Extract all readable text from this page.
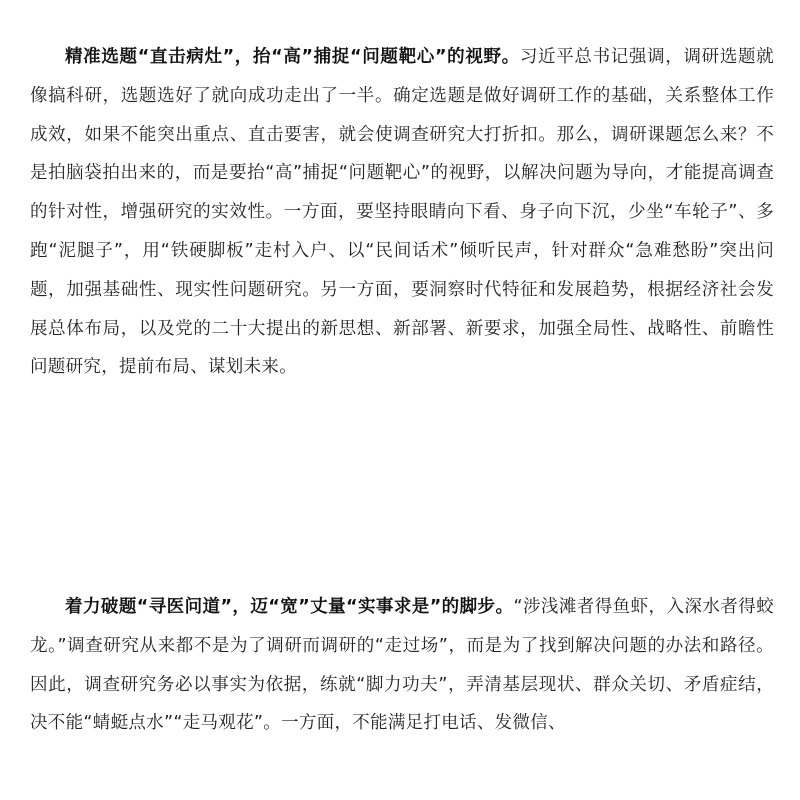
精准选题“直击病灶”，抬“高”捕捉“问题靶心”的视野。习近平总书记强调，调研选题就像搞科研，选题选好了就向成功走出了一半。确定选题是做好调研工作的基础，关系整体工作成效，如果不能突出重点、直击要害，就会使调查研究大打折扣。那么，调研课题怎么来？不是拍脑袋拍出来的，而是要抬“高”捕捉“问题靶心”的视野，以解决问题为导向，才能提高调查的针对性，增强研究的实效性。一方面，要坚持眼睛向下看、身子向下沉，少坐“车轮子”、多跑“泥腿子”，用“铁硬脚板”走村入户、以“民间话术”倾听民声，针对群众“急难愁盼”突出问题，加强基础性、现实性问题研究。另一方面，要洞察时代特征和发展趋势，根据经济社会发展总体布局，以及党的二十大提出的新思想、新部署、新要求，加强全局性、战略性、前瞻性问题研究，提前布局、谋划未来。

着力破题“寻医问道”，迈“宽”丈量“实事求是”的脚步。“涉浅滩者得鱼虾，入深水者得蛟龙。”调查研究从来都不是为了调研而调研的“走过场”，而是为了找到解决问题的办法和路径。因此，调查研究务必以事实为依据，练就“脚力功夫”，弄清基层现状、群众关切、矛盾症结，决不能“蜻蜓点水”“走马观花”。一方面，不能满足打电话、发微信、
